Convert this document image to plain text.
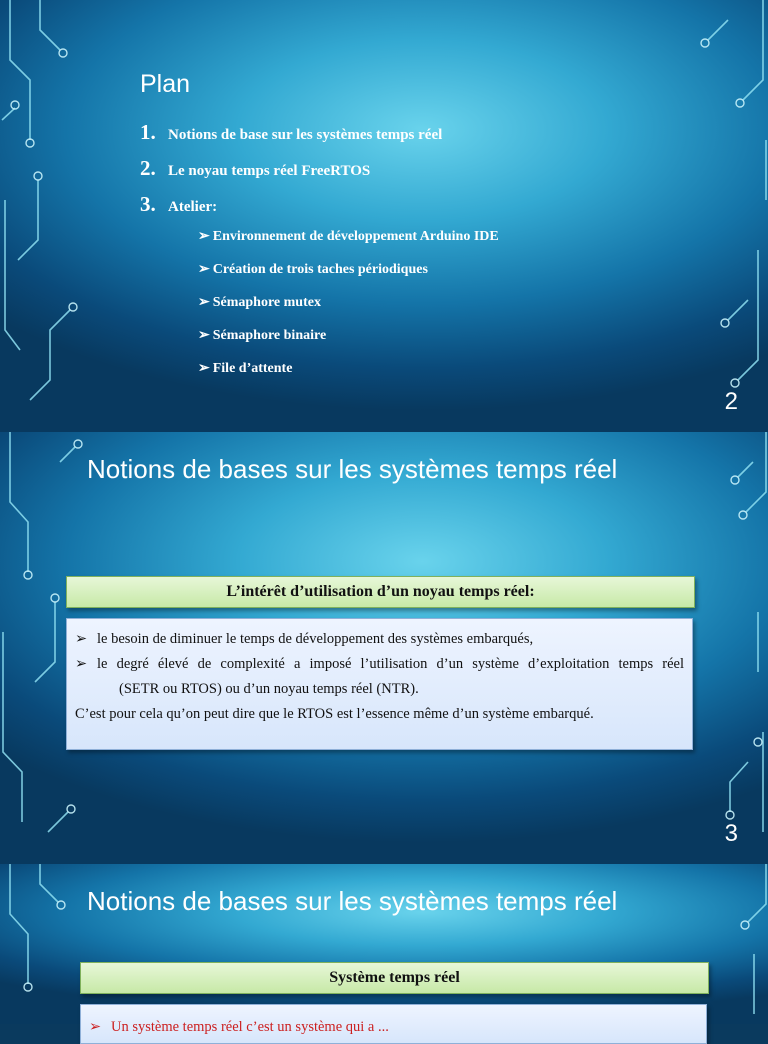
Plan
1. Notions de base sur les systèmes temps réel
2. Le noyau temps réel FreeRTOS
3. Atelier:
➢ Environnement de développement Arduino IDE
➢ Création de trois taches périodiques
➢ Sémaphore mutex
➢ Sémaphore binaire
➢ File d’attente
2
Notions de bases sur les systèmes temps réel
L’intérêt d’utilisation d’un noyau temps réel:
➢ le besoin de diminuer le temps de développement des systèmes embarqués,
➢ le degré élevé de complexité a imposé l’utilisation d’un système d’exploitation temps réel
(SETR ou RTOS) ou d’un noyau temps réel (NTR).
C’est pour cela qu’on peut dire que le RTOS est l’essence même d’un système embarqué.
3
Notions de bases sur les systèmes temps réel
Système temps réel
➢ Un système temps réel c’est un système qui a ...
